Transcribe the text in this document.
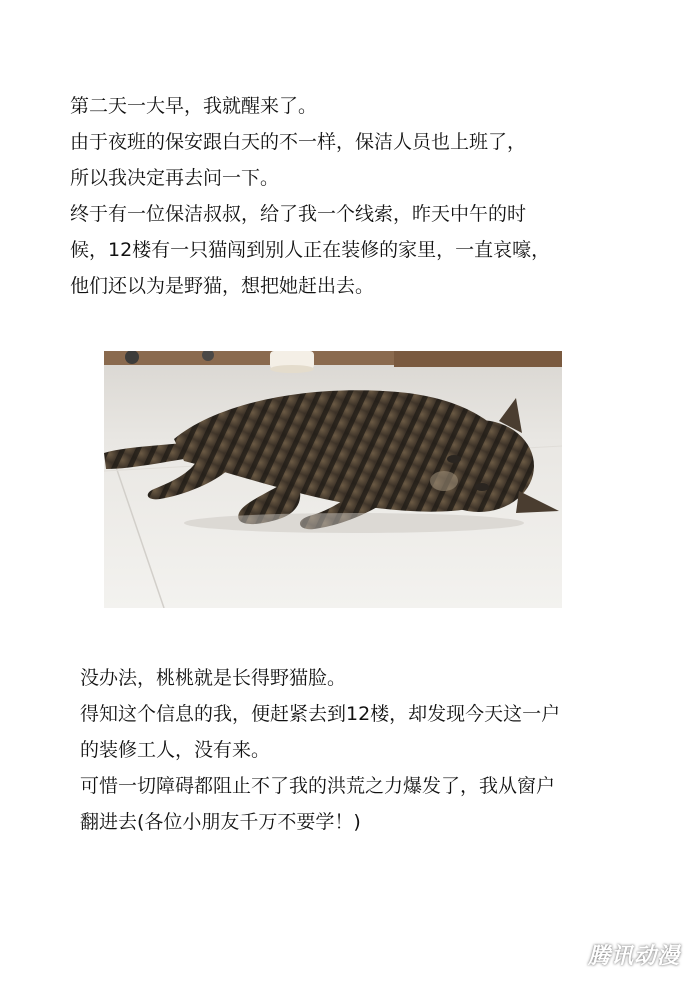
第二天一大早，我就醒来了。
由于夜班的保安跟白天的不一样，保洁人员也上班了，
所以我决定再去问一下。
终于有一位保洁叔叔，给了我一个线索，昨天中午的时
候，12楼有一只猫闯到别人正在装修的家里，一直哀嚎，
他们还以为是野猫，想把她赶出去。
没办法，桃桃就是长得野猫脸。
得知这个信息的我，便赶紧去到12楼，却发现今天这一户
的装修工人，没有来。
可惜一切障碍都阻止不了我的洪荒之力爆发了，我从窗户
翻进去(各位小朋友千万不要学！)
腾讯动漫
